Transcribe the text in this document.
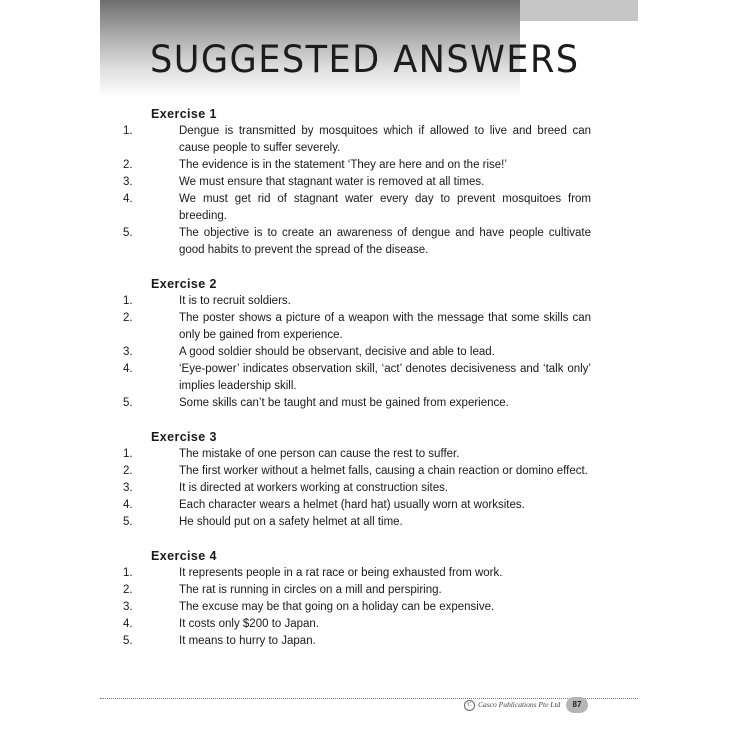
SUGGESTED ANSWERS
Exercise 1
1.	Dengue is transmitted by mosquitoes which if allowed to live and breed can cause people to suffer severely.
2.	The evidence is in the statement ‘They are here and on the rise!’
3.	We must ensure that stagnant water is removed at all times.
4.	We must get rid of stagnant water every day to prevent mosquitoes from breeding.
5.	The objective is to create an awareness of dengue and have people cultivate good habits to prevent the spread of the disease.
Exercise 2
1.	It is to recruit soldiers.
2.	The poster shows a picture of a weapon with the message that some skills can only be gained from experience.
3.	A good soldier should be observant, decisive and able to lead.
4.	‘Eye-power’ indicates observation skill, ‘act’ denotes decisiveness and ‘talk only’ implies leadership skill.
5.	Some skills can’t be taught and must be gained from experience.
Exercise 3
1.	The mistake of one person can cause the rest to suffer.
2.	The first worker without a helmet falls, causing a chain reaction or domino effect.
3.	It is directed at workers working at construction sites.
4.	Each character wears a helmet (hard hat) usually worn at worksites.
5.	He should put on a safety helmet at all time.
Exercise 4
1.	It represents people in a rat race or being exhausted from work.
2.	The rat is running in circles on a mill and perspiring.
3.	The excuse may be that going on a holiday can be expensive.
4.	It costs only $200 to Japan.
5.	It means to hurry to Japan.
C Casco Publications Pte Ltd	87
